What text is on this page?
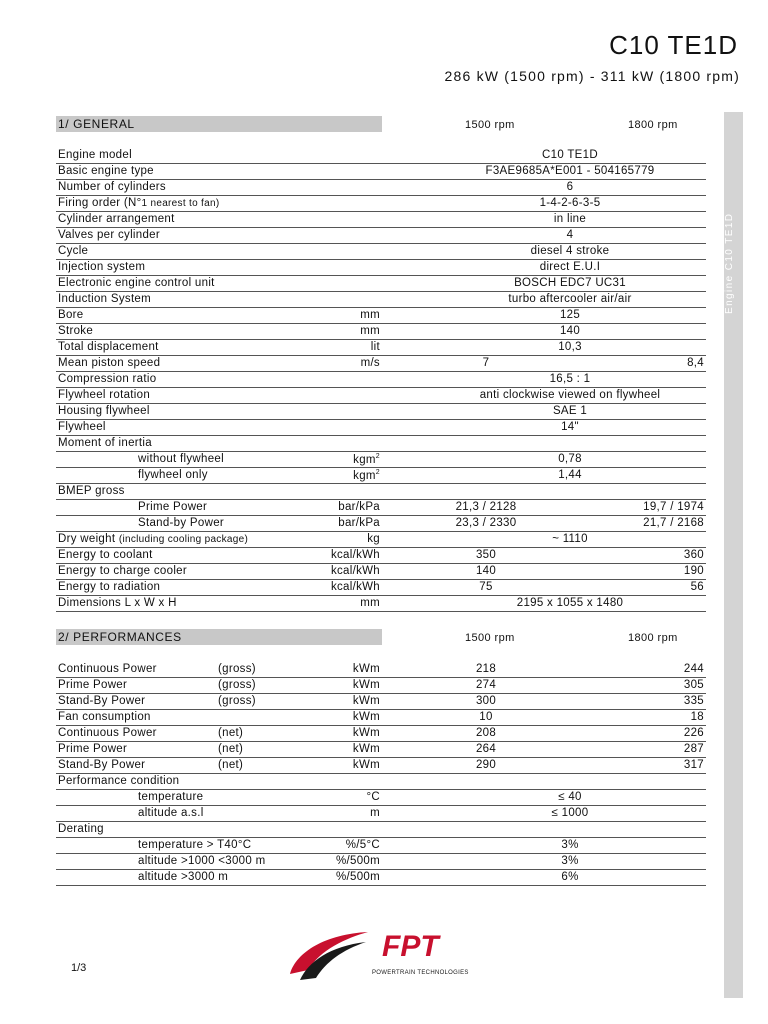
C10 TE1D
286 kW (1500 rpm) - 311 kW (1800 rpm)
Engine C10 TE1D
1/ GENERAL	1500 rpm	1800 rpm
Engine model	C10 TE1D
Basic engine type	F3AE9685A*E001 - 504165779
Number of cylinders	6
Firing order (N°1 nearest to fan)	1-4-2-6-3-5
Cylinder arrangement	in line
Valves per cylinder	4
Cycle	diesel 4 stroke
Injection system	direct E.U.I
Electronic engine control unit	BOSCH EDC7 UC31
Induction System	turbo aftercooler air/air
Bore	mm	125
Stroke	mm	140
Total displacement	lit	10,3
Mean piston speed	m/s	7	8,4
Compression ratio	16,5 : 1
Flywheel rotation	anti clockwise viewed on flywheel
Housing flywheel	SAE 1
Flywheel	14"
Moment of inertia
without flywheel	kgm$^2$	0,78
flywheel only	kgm$^2$	1,44
BMEP gross
Prime Power	bar/kPa	21,3 / 2128	19,7 / 1974
Stand-by Power	bar/kPa	23,3 / 2330	21,7 / 2168
Dry weight (including cooling package)	kg	~ 1110
Energy to coolant	kcal/kWh	350	360
Energy to charge cooler	kcal/kWh	140	190
Energy to radiation	kcal/kWh	75	56
Dimensions L x W x H	mm	2195 x 1055 x 1480
2/ PERFORMANCES	1500 rpm	1800 rpm
Continuous Power	(gross)	kWm	218	244
Prime Power	(gross)	kWm	274	305
Stand-By Power	(gross)	kWm	300	335
Fan consumption	kWm	10	18
Continuous Power	(net)	kWm	208	226
Prime Power	(net)	kWm	264	287
Stand-By Power	(net)	kWm	290	317
Performance condition
temperature	°C	≤ 40
altitude a.s.l	m	≤ 1000
Derating
temperature > T40°C	%/5°C	3%
altitude >1000 <3000 m	%/500m	3%
altitude >3000 m	%/500m	6%
1/3
FPT
POWERTRAIN TECHNOLOGIES
